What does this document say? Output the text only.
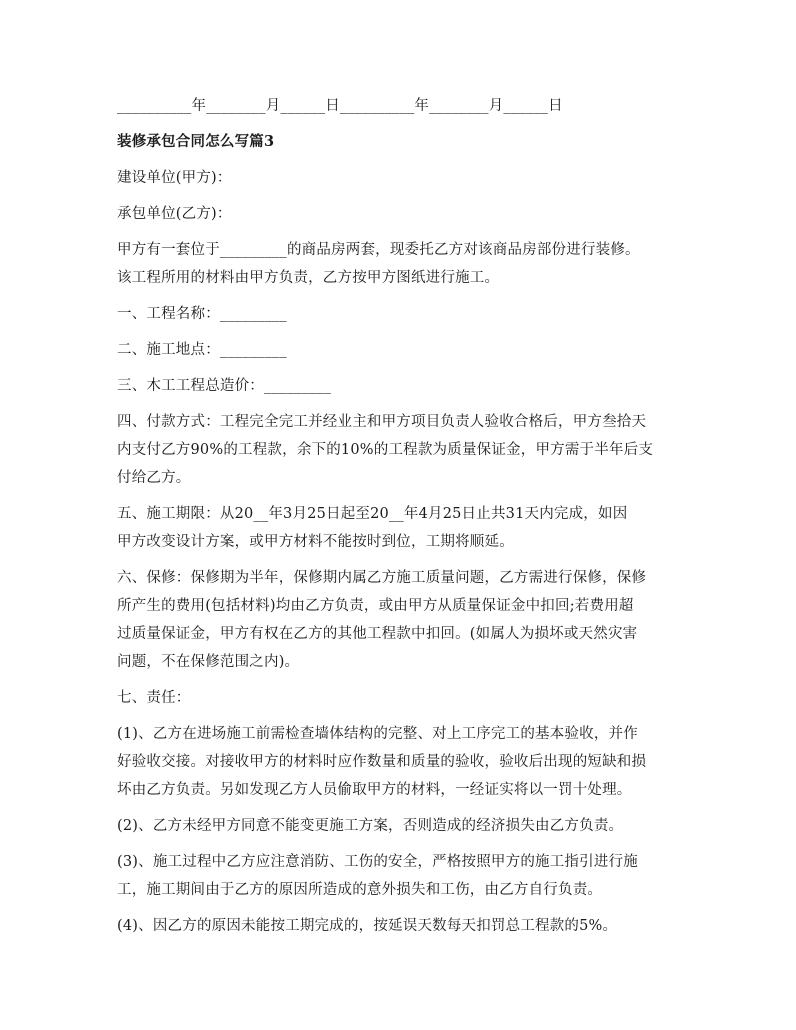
__________年________月______日__________年________月______日

装修承包合同怎么写篇3

建设单位(甲方)：

承包单位(乙方)：

甲方有一套位于_________的商品房两套，现委托乙方对该商品房部份进行装修。

该工程所用的材料由甲方负责，乙方按甲方图纸进行施工。

一、工程名称：_________

二、施工地点：_________

三、木工工程总造价：_________

四、付款方式：工程完全完工并经业主和甲方项目负责人验收合格后，甲方叁拾天

内支付乙方90%的工程款，余下的10%的工程款为质量保证金，甲方需于半年后支

付给乙方。

五、施工期限：从20__年3月25日起至20__年4月25日止共31天内完成，如因

甲方改变设计方案，或甲方材料不能按时到位，工期将顺延。

六、保修：保修期为半年，保修期内属乙方施工质量问题，乙方需进行保修，保修

所产生的费用(包括材料)均由乙方负责，或由甲方从质量保证金中扣回;若费用超

过质量保证金，甲方有权在乙方的其他工程款中扣回。(如属人为损坏或天然灾害

问题，不在保修范围之内)。

七、责任：

(1)、乙方在进场施工前需检查墙体结构的完整、对上工序完工的基本验收，并作

好验收交接。对接收甲方的材料时应作数量和质量的验收，验收后出现的短缺和损

坏由乙方负责。另如发现乙方人员偷取甲方的材料，一经证实将以一罚十处理。

(2)、乙方未经甲方同意不能变更施工方案，否则造成的经济损失由乙方负责。

(3)、施工过程中乙方应注意消防、工伤的安全，严格按照甲方的施工指引进行施

工，施工期间由于乙方的原因所造成的意外损失和工伤，由乙方自行负责。

(4)、因乙方的原因未能按工期完成的，按延误天数每天扣罚总工程款的5%。
